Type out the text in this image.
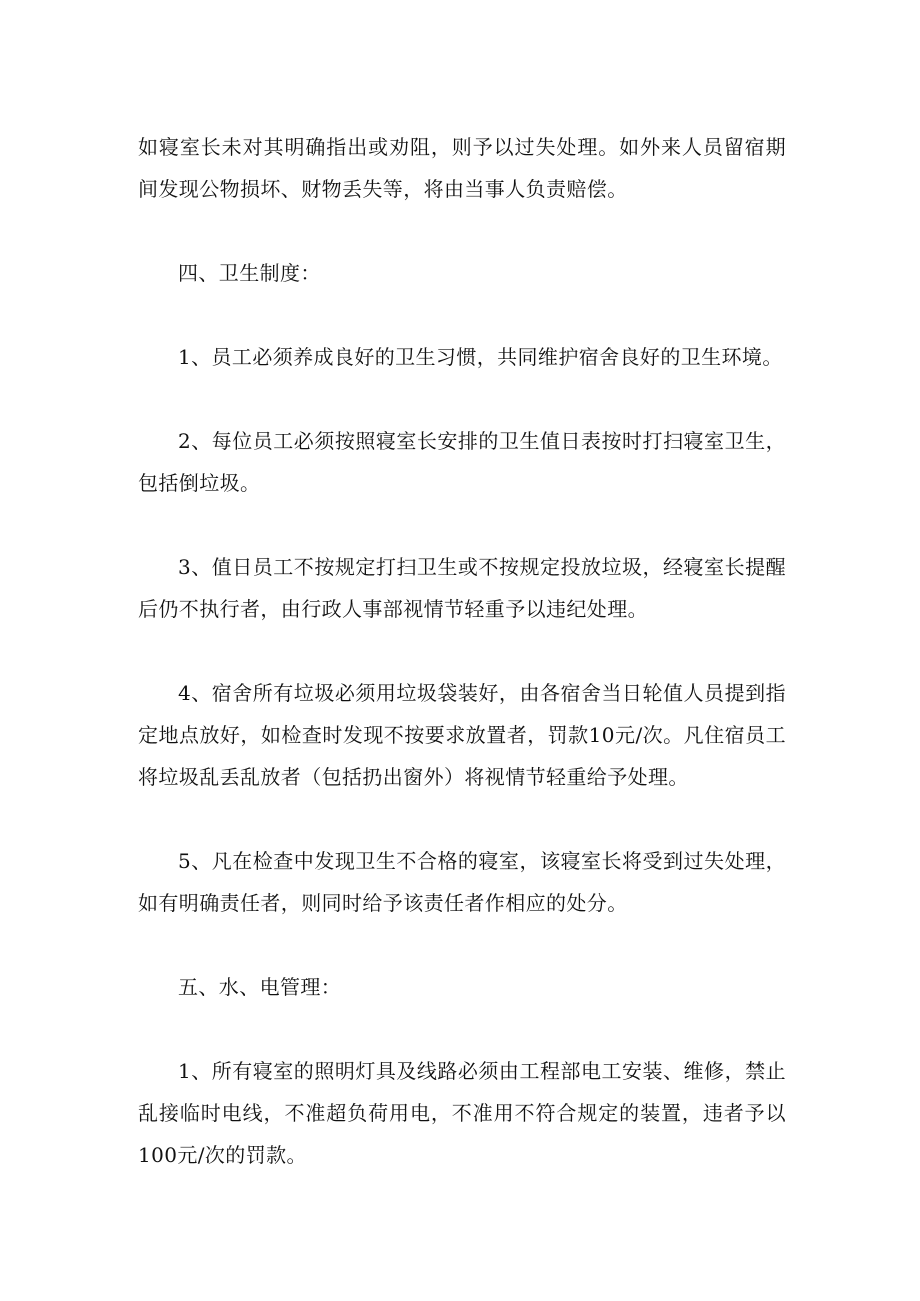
如寝室长未对其明确指出或劝阻，则予以过失处理。如外来人员留宿期间发现公物损坏、财物丢失等，将由当事人负责赔偿。

四、卫生制度：

1、员工必须养成良好的卫生习惯，共同维护宿舍良好的卫生环境。

2、每位员工必须按照寝室长安排的卫生值日表按时打扫寝室卫生，包括倒垃圾。

3、值日员工不按规定打扫卫生或不按规定投放垃圾，经寝室长提醒后仍不执行者，由行政人事部视情节轻重予以违纪处理。

4、宿舍所有垃圾必须用垃圾袋装好，由各宿舍当日轮值人员提到指定地点放好，如检查时发现不按要求放置者，罚款10元/次。凡住宿员工将垃圾乱丢乱放者（包括扔出窗外）将视情节轻重给予处理。

5、凡在检查中发现卫生不合格的寝室，该寝室长将受到过失处理，如有明确责任者，则同时给予该责任者作相应的处分。

五、水、电管理：

1、所有寝室的照明灯具及线路必须由工程部电工安装、维修，禁止乱接临时电线，不准超负荷用电，不准用不符合规定的装置，违者予以100元/次的罚款。
